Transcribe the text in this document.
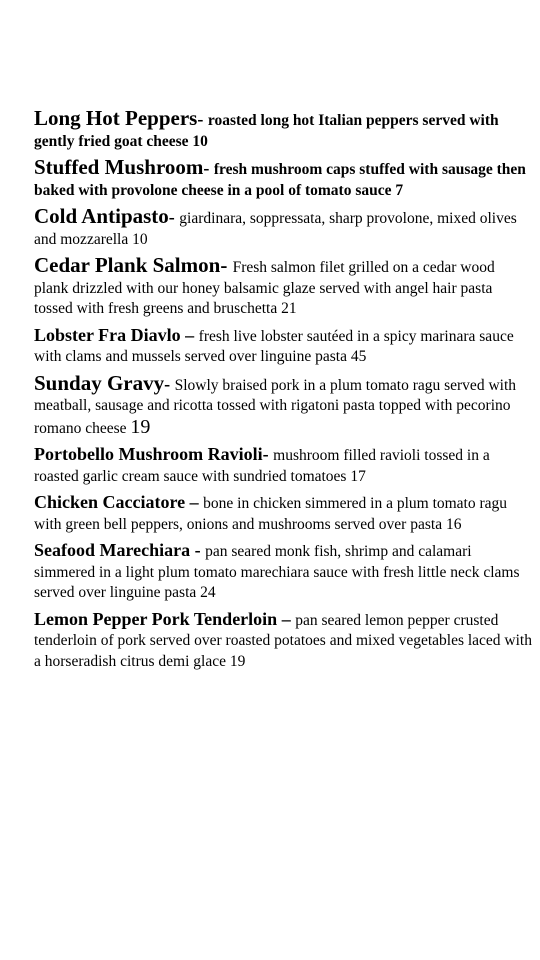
Long Hot Peppers- roasted long hot Italian peppers served with gently fried goat cheese 10
Stuffed Mushroom- fresh mushroom caps stuffed with sausage then baked with provolone cheese in a pool of tomato sauce 7
Cold Antipasto- giardinara, soppressata, sharp provolone, mixed olives and mozzarella 10
Cedar Plank Salmon- Fresh salmon filet grilled on a cedar wood plank drizzled with our honey balsamic glaze served with angel hair pasta tossed with fresh greens and bruschetta 21
Lobster Fra Diavlo – fresh live lobster sautéed in a spicy marinara sauce with clams and mussels served over linguine pasta 45
Sunday Gravy- Slowly braised pork in a plum tomato ragu served with meatball, sausage and ricotta tossed with rigatoni pasta topped with pecorino romano cheese 19
Portobello Mushroom Ravioli- mushroom filled ravioli tossed in a roasted garlic cream sauce with sundried tomatoes 17
Chicken Cacciatore – bone in chicken simmered in a plum tomato ragu with green bell peppers, onions and mushrooms served over pasta 16
Seafood Marechiara - pan seared monk fish, shrimp and calamari simmered in a light plum tomato marechiara sauce with fresh little neck clams served over linguine pasta 24
Lemon Pepper Pork Tenderloin – pan seared lemon pepper crusted tenderloin of pork served over roasted potatoes and mixed vegetables laced with a horseradish citrus demi glace 19
